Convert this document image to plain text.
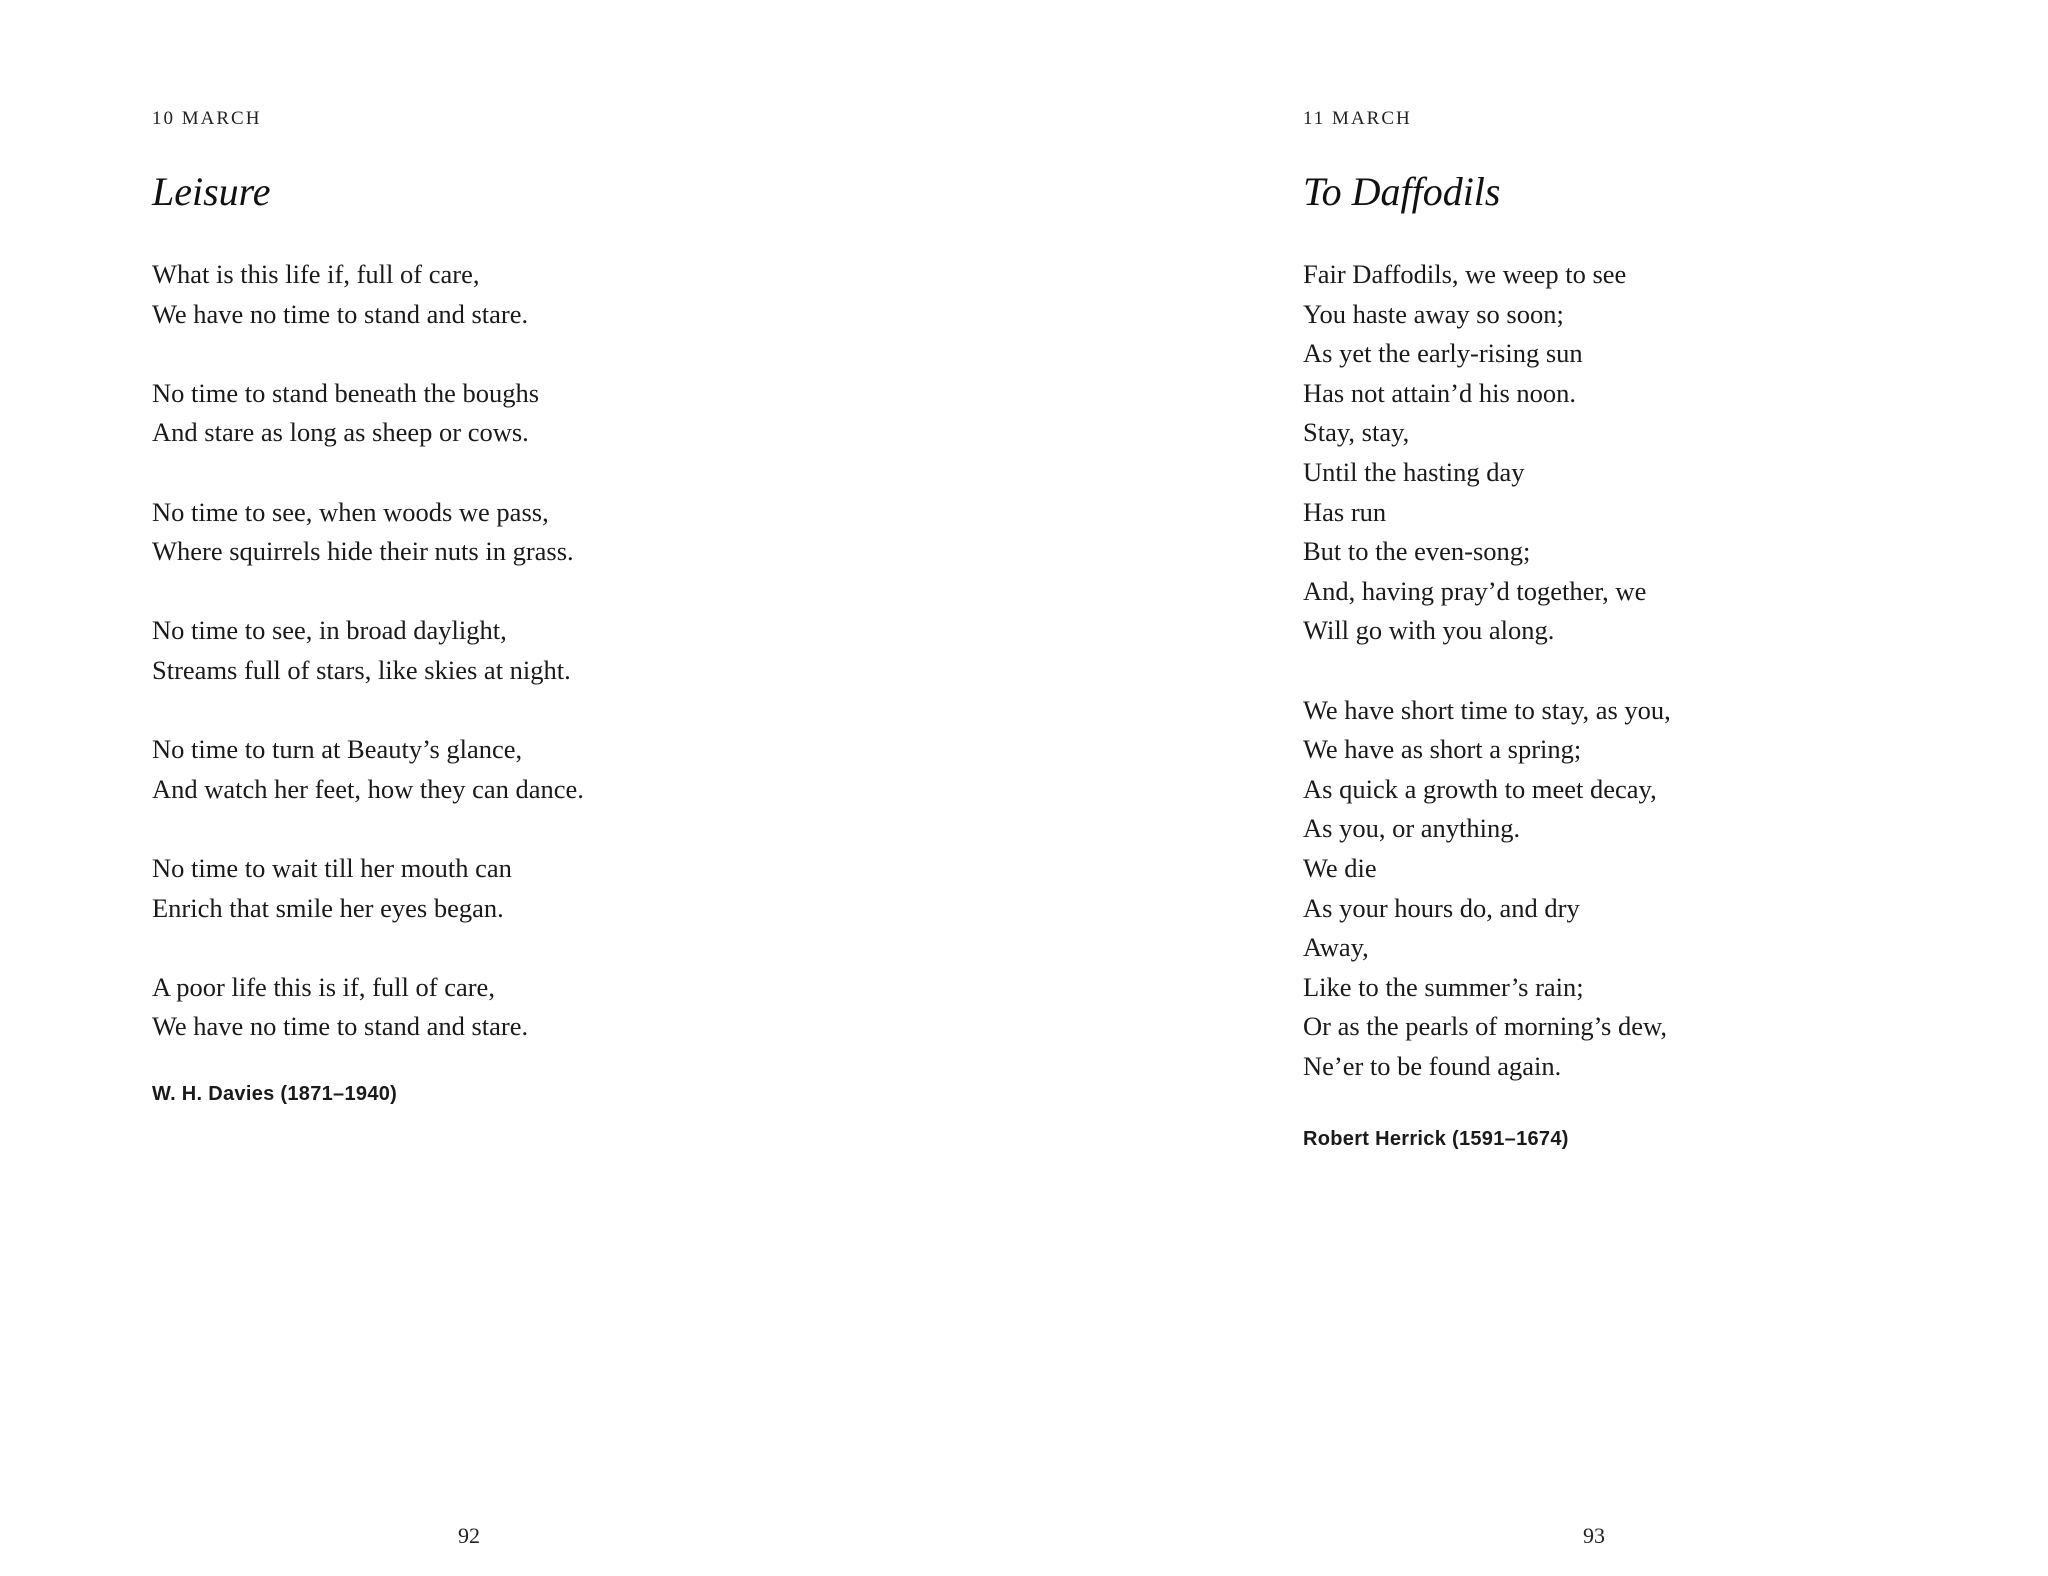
10 MARCH
Leisure
What is this life if, full of care,
We have no time to stand and stare.
No time to stand beneath the boughs
And stare as long as sheep or cows.
No time to see, when woods we pass,
Where squirrels hide their nuts in grass.
No time to see, in broad daylight,
Streams full of stars, like skies at night.
No time to turn at Beauty’s glance,
And watch her feet, how they can dance.
No time to wait till her mouth can
Enrich that smile her eyes began.
A poor life this is if, full of care,
We have no time to stand and stare.
W. H. Davies (1871–1940)
92
11 MARCH
To Daffodils
Fair Daffodils, we weep to see
You haste away so soon;
As yet the early-rising sun
Has not attain’d his noon.
Stay, stay,
Until the hasting day
Has run
But to the even-song;
And, having pray’d together, we
Will go with you along.
We have short time to stay, as you,
We have as short a spring;
As quick a growth to meet decay,
As you, or anything.
We die
As your hours do, and dry
Away,
Like to the summer’s rain;
Or as the pearls of morning’s dew,
Ne’er to be found again.
Robert Herrick (1591–1674)
93
